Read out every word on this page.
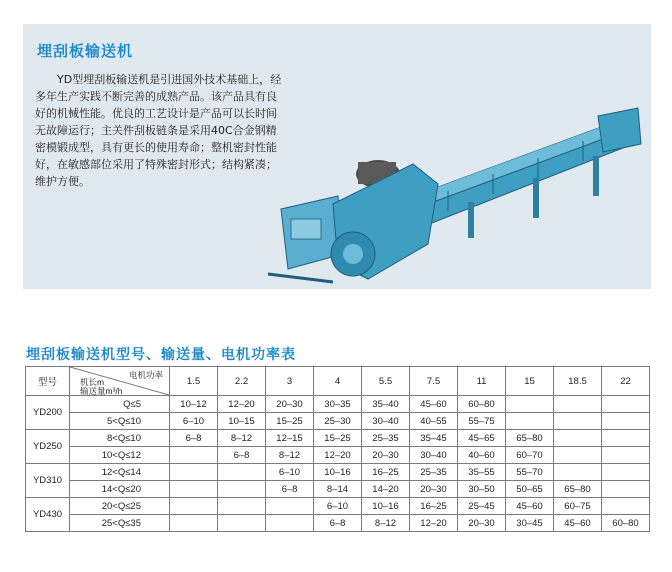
埋刮板输送机

YD型埋刮板输送机是引进国外技术基础上，经多年生产实践不断完善的成熟产品。该产品具有良好的机械性能。优良的工艺设计是产品可以长时间无故障运行；主关件刮板链条是采用40C合金钢精密模锻成型，具有更长的使用寿命；整机密封性能好，在敏感部位采用了特殊密封形式；结构紧凑；维护方便。

埋刮板输送机型号、输送量、电机功率表
型号	电机功率
机长m
输送量m³/h	1.5	2.2	3	4	5.5	7.5	11	15	18.5	22
YD200	Q≤5	10–12	12–20	20–30	30–35	35–40	45–60	60–80			
	5<Q≤10	6–10	10–15	15–25	25–30	30–40	40–55	55–75			
YD250	8<Q≤10	6–8	8–12	12–15	15–25	25–35	35–45	45–65	65–80		
	10<Q≤12		6–8	8–12	12–20	20–30	30–40	40–60	60–70		
YD310	12<Q≤14			6–10	10–16	16–25	25–35	35–55	55–70		
	14<Q≤20			6–8	8–14	14–20	20–30	30–50	50–65	65–80	
YD430	20<Q≤25				6–10	10–16	16–25	25–45	45–60	60–75	
	25<Q≤35				6–8	8–12	12–20	20–30	30–45	45–60	60–80
